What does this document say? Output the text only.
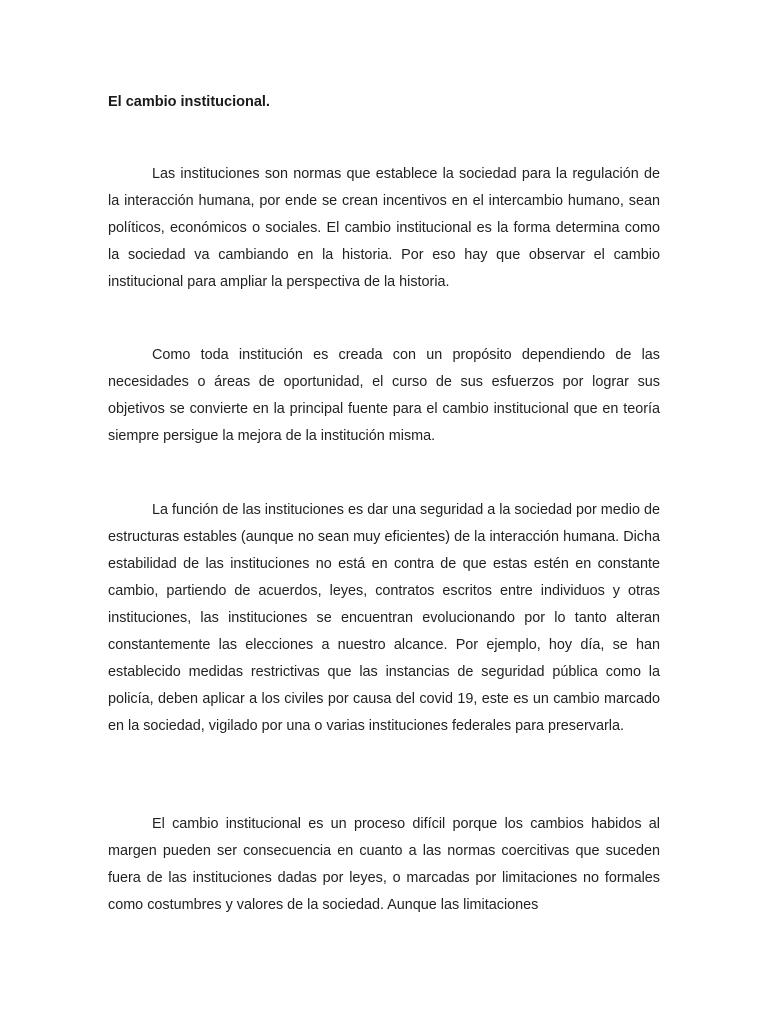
El cambio institucional.

Las instituciones son normas que establece la sociedad para la regulación de la interacción humana, por ende se crean incentivos en el intercambio humano, sean políticos, económicos o sociales. El cambio institucional es la forma determina como la sociedad va cambiando en la historia. Por eso hay que observar el cambio institucional para ampliar la perspectiva de la historia.

Como toda institución es creada con un propósito dependiendo de las necesidades o áreas de oportunidad, el curso de sus esfuerzos por lograr sus objetivos se convierte en la principal fuente para el cambio institucional que en teoría siempre persigue la mejora de la institución misma.

La función de las instituciones es dar una seguridad a la sociedad por medio de estructuras estables (aunque no sean muy eficientes) de la interacción humana. Dicha estabilidad de las instituciones no está en contra de que estas estén en constante cambio, partiendo de acuerdos, leyes, contratos escritos entre individuos y otras instituciones, las instituciones se encuentran evolucionando por lo tanto alteran constantemente las elecciones a nuestro alcance. Por ejemplo, hoy día, se han establecido medidas restrictivas que las instancias de seguridad pública como la policía, deben aplicar a los civiles por causa del covid 19, este es un cambio marcado en la sociedad, vigilado por una o varias instituciones federales para preservarla.

El cambio institucional es un proceso difícil porque los cambios habidos al margen pueden ser consecuencia en cuanto a las normas coercitivas que suceden fuera de las instituciones dadas por leyes, o marcadas por limitaciones no formales como costumbres y valores de la sociedad. Aunque las limitaciones
